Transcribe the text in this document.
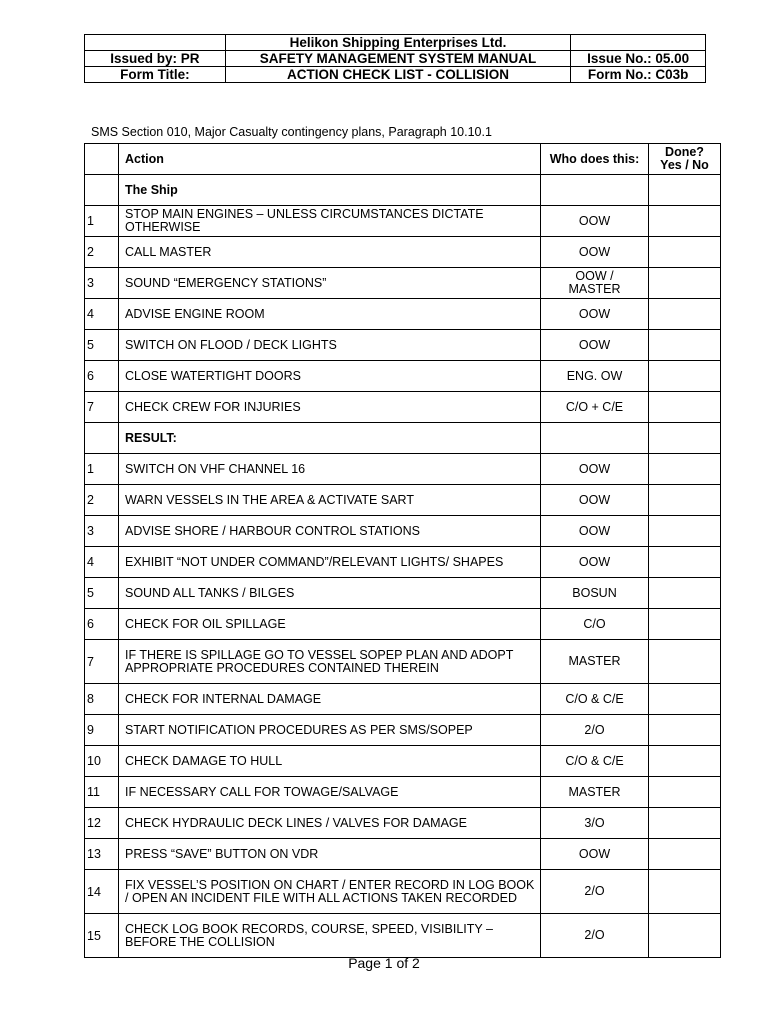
	Helikon Shipping Enterprises Ltd.	
Issued by: PR	SAFETY MANAGEMENT SYSTEM MANUAL	Issue No.: 05.00
Form Title:	ACTION CHECK LIST - COLLISION	Form No.: C03b
SMS Section 010, Major Casualty contingency plans, Paragraph 10.10.1
	Action	Who does this:	Done?
Yes / No

	The Ship		
1	STOP MAIN ENGINES – UNLESS CIRCUMSTANCES DICTATE OTHERWISE	OOW	
2	CALL MASTER	OOW	
3	SOUND “EMERGENCY STATIONS”	OOW / MASTER	
4	ADVISE ENGINE ROOM	OOW	
5	SWITCH ON FLOOD / DECK LIGHTS	OOW	
6	CLOSE WATERTIGHT DOORS	ENG. OW	
7	CHECK CREW FOR INJURIES	C/O + C/E	
	RESULT:		
1	SWITCH ON VHF CHANNEL 16	OOW	
2	WARN VESSELS IN THE AREA & ACTIVATE SART	OOW	
3	ADVISE SHORE / HARBOUR CONTROL STATIONS	OOW	
4	EXHIBIT “NOT UNDER COMMAND”/RELEVANT LIGHTS/ SHAPES	OOW	
5	SOUND ALL TANKS / BILGES	BOSUN	
6	CHECK FOR OIL SPILLAGE	C/O	
7	IF THERE IS SPILLAGE GO TO VESSEL SOPEP PLAN AND ADOPT APPROPRIATE PROCEDURES CONTAINED THEREIN	MASTER	
8	CHECK FOR INTERNAL DAMAGE	C/O & C/E	
9	START NOTIFICATION PROCEDURES AS PER SMS/SOPEP	2/O	
10	CHECK DAMAGE TO HULL	C/O & C/E	
11	IF NECESSARY CALL FOR TOWAGE/SALVAGE	MASTER	
12	CHECK HYDRAULIC DECK LINES / VALVES FOR DAMAGE	3/O	
13	PRESS “SAVE” BUTTON ON VDR	OOW	
14	FIX VESSEL’S POSITION ON CHART / ENTER RECORD IN LOG BOOK / OPEN AN INCIDENT FILE WITH ALL ACTIONS TAKEN RECORDED	2/O	
15	CHECK LOG BOOK RECORDS, COURSE, SPEED, VISIBILITY – BEFORE THE COLLISION	2/O	
Page 1 of 2
